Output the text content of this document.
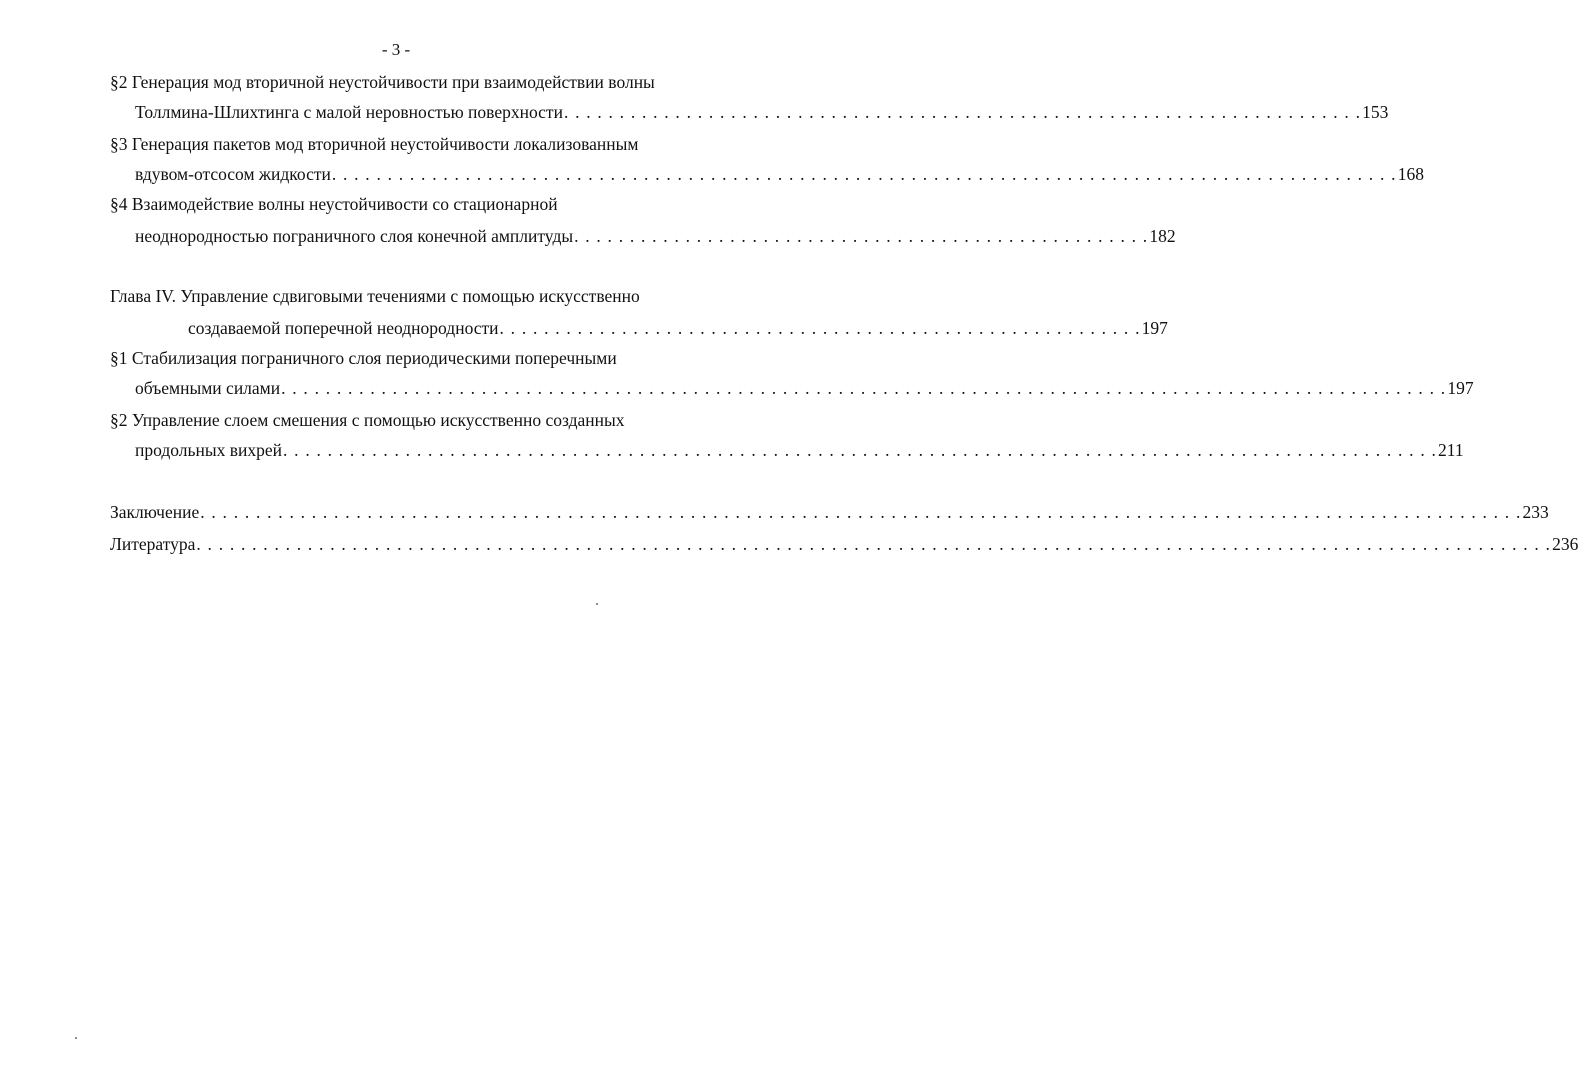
- 3 -
§2 Генерация мод вторичной неустойчивости при взаимодействии волны
Толлмина-Шлихтинга с малой неровностью поверхности . . . . . . . . . . . . . . . . . . . . . . . . . . . . . . . . . . . . . . . . . . . . . . . . . . . . . . . . . . . . . . . . . . . . . . . . 153
§3 Генерация пакетов мод вторичной неустойчивости локализованным
вдувом-отсосом жидкости . . . . . . . . . . . . . . . . . . . . . . . . . . . . . . . . . . . . . . . . . . . . . . . . . . . . . . . . . . . . . . . . . . . . . . . . . . . . . . . . . . . . . . . . . . . . . . . . 168
§4 Взаимодействие волны неустойчивости со стационарной
неоднородностью пограничного слоя конечной амплитуды . . . . . . . . . . . . . . . . . . . . . . . . . . . . . . . . . . . . . . . . . . . . . . . . . . . . 182
Глава IV. Управление сдвиговыми течениями с помощью искусственно
создаваемой поперечной неоднородности . . . . . . . . . . . . . . . . . . . . . . . . . . . . . . . . . . . . . . . . . . . . . . . . . . . . . . . . . . 197
§1 Стабилизация пограничного слоя периодическими поперечными
объемными силами . . . . . . . . . . . . . . . . . . . . . . . . . . . . . . . . . . . . . . . . . . . . . . . . . . . . . . . . . . . . . . . . . . . . . . . . . . . . . . . . . . . . . . . . . . . . . . . . . . . . . . . . . 197
§2 Управление слоем смешения с помощью искусственно созданных
продольных вихрей . . . . . . . . . . . . . . . . . . . . . . . . . . . . . . . . . . . . . . . . . . . . . . . . . . . . . . . . . . . . . . . . . . . . . . . . . . . . . . . . . . . . . . . . . . . . . . . . . . . . . . . . 211
Заключение . . . . . . . . . . . . . . . . . . . . . . . . . . . . . . . . . . . . . . . . . . . . . . . . . . . . . . . . . . . . . . . . . . . . . . . . . . . . . . . . . . . . . . . . . . . . . . . . . . . . . . . . . . . . . . . . . . . . . . . 233
Литература . . . . . . . . . . . . . . . . . . . . . . . . . . . . . . . . . . . . . . . . . . . . . . . . . . . . . . . . . . . . . . . . . . . . . . . . . . . . . . . . . . . . . . . . . . . . . . . . . . . . . . . . . . . . . . . . . . . . . . . . . . 236
